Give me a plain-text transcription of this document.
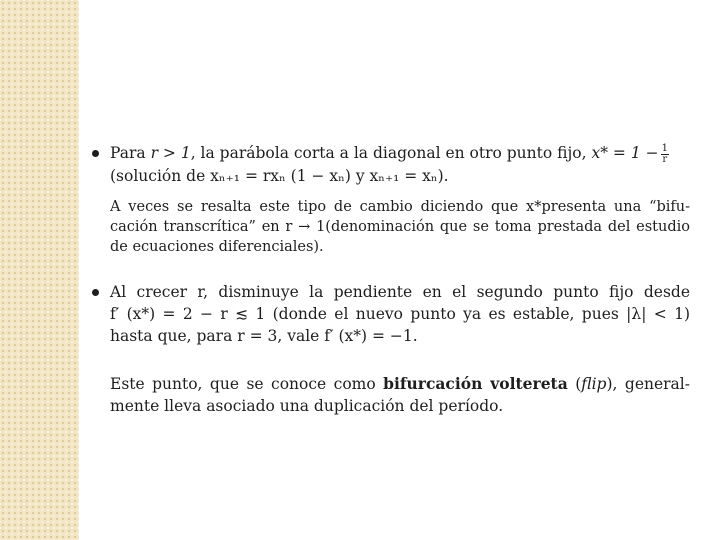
Para r > 1, la parábola corta a la diagonal en otro punto fijo, $x* = 1 - \frac{1}{r}$
(solución de xₙ₊₁ = rxₙ (1 − xₙ) y xₙ₊₁ = xₙ).
A veces se resalta este tipo de cambio diciendo que x*presenta una “bifu-
cación transcrítica” en r → 1(denominación que se toma prestada del estudio
de ecuaciones diferenciales).
Al crecer r, disminuye la pendiente en el segundo punto fijo desde
f′ (x*) = 2 − r ≲ 1 (donde el nuevo punto ya es estable, pues |λ| < 1)
hasta que, para r = 3, vale f′ (x*) = −1.
Este punto, que se conoce como bifurcación voltereta (flip), general-
mente lleva asociado una duplicación del período.
